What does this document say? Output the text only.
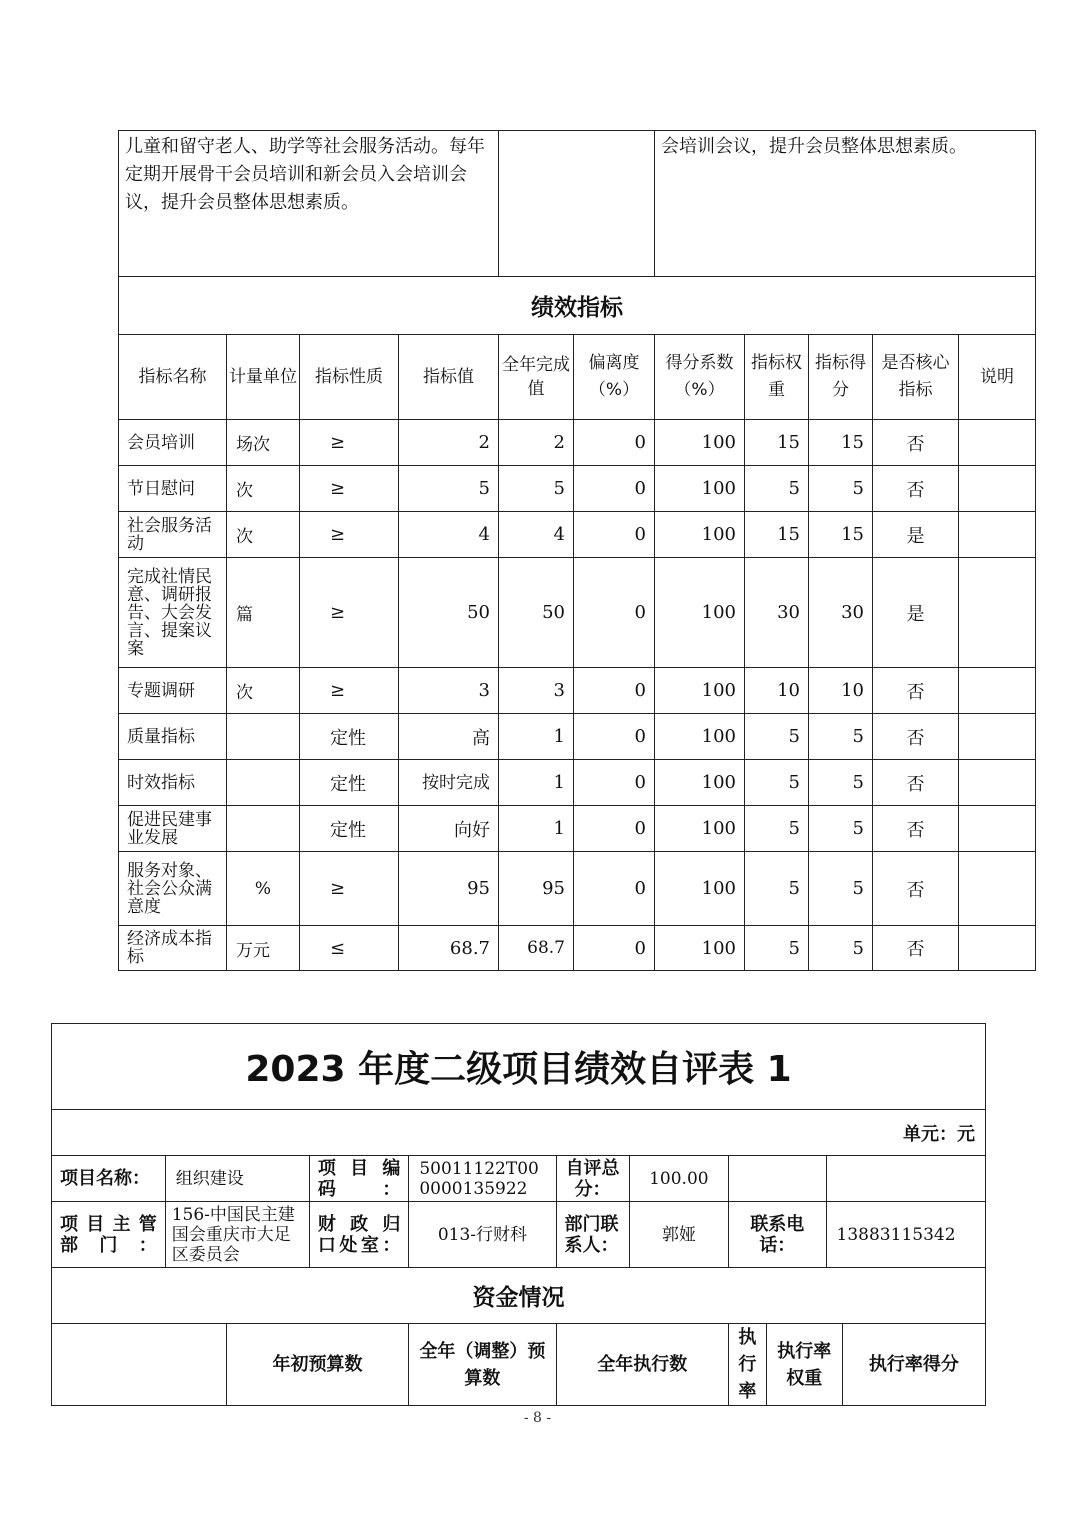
儿童和留守老人、助学等社会服务活动。每年定期开展骨干会员培训和新会员入会培训会议，提升会员整体思想素质。						会培训会议，提升会员整体思想素质。				
绩效指标										
指标名称	计量单位	指标性质	指标值	全年完成值	偏离度（%）	得分系数（%）	指标权重	指标得分	是否核心指标	说明
会员培训	场次	≥	2	2	0	100	15	15	否	
节日慰问	次	≥	5	5	0	100	5	5	否	
社会服务活动	次	≥	4	4	0	100	15	15	是	
完成社情民意、调研报告、大会发言、提案议案	篇	≥	50	50	0	100	30	30	是	
专题调研	次	≥	3	3	0	100	10	10	否	
质量指标		定性	高	1	0	100	5	5	否	
时效指标		定性	按时完成	1	0	100	5	5	否	
促进民建事业发展		定性	向好	1	0	100	5	5	否	
服务对象、社会公众满意度	%	≥	95	95	0	100	5	5	否	
经济成本指标	万元	≤	68.7	68.7	0	100	5	5	否	
2023 年度二级项目绩效自评表 1										
单元：元										
项目名称：	组织建设		项 目 编 码：	50011122T000000135922	自评总分：	100.00				
项 目 主 管 部门：	156-中国民主建国会重庆市大足区委员会		财 政 归 口处室：	013-行财科	部门联系人：	郭娅	联系电话：		13883115342	
资金情况										
		年初预算数		全年（调整）预算数	全年执行数		执行率	执行率权重		执行率得分
- 8 -
